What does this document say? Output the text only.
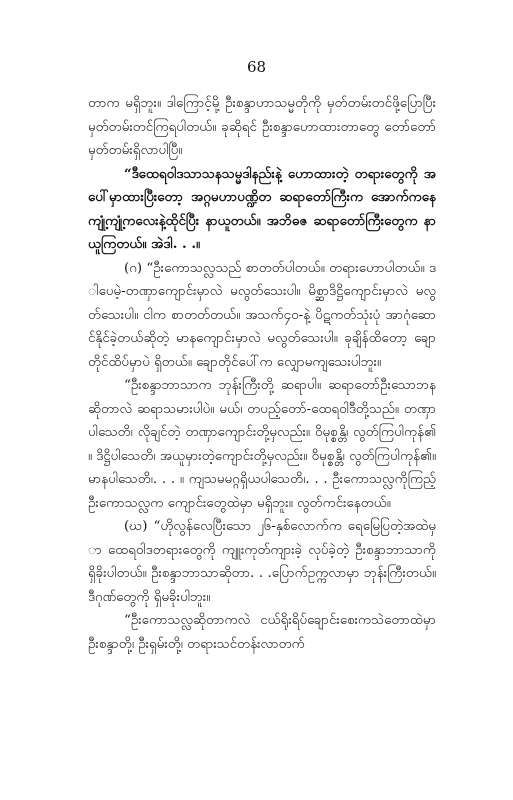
68

တာက မရှိဘူး။ ဒါကြောင့်မို့ ဦးစန္ဒာဟာသမ္မတိုကို မှတ်တမ်းတင်ဖို့ပြောပြီး မှတ်တမ်းတင်ကြရပါတယ်။ ခုဆိုရင် ဦးစန္ဒာဟောထားတာတွေ တော်တော် မှတ်တမ်းရှိလာပါပြီ။

“ဒီထေရဝါဒသာသနသမ္မဒါနည်းနဲ့ ဟောထားတဲ့ တရားတွေကို အပေါ်မှာထားပြီးတော့ အဂ္ဂမဟာပဏ္ဍိတ ဆရာတော်ကြီးက အောက်ကနေ ကျုံ့ကျုံ့ကလေးနဲ့ထိုင်ပြီး နာယူတယ်။ အဘိဓဇ ဆရာတော်ကြီးတွေက နာယူကြတယ်။ အဲဒါ. . .။

(ဂ) “ဦးကောသလ္လသည် စာတတ်ပါတယ်။ တရားဟောပါတယ်။ ဒါပေမဲ့-တဏှာကျောင်းမှာလဲ မလွတ်သေးပါ။ မိစ္ဆာဒိဋ္ဌိကျောင်းမှာလဲ မလွတ်သေးပါ။ ငါက စာတတ်တယ်။ အသက်၄၀-နဲ့ ပိဋကတ်သုံးပုံ အာဂုံဆောင်နိုင်ခဲ့တယ်ဆိုတဲ့ မာနကျောင်းမှာလဲ မလွတ်သေးပါ။ ခုချိန်ထိတော့ ချောတိုင်ထိပ်မှာပဲ ရှိတယ်။ ချောတိုင်ပေါ်က လျှောမကျသေးပါဘူး။

“ဦးစန္ဒာဘာသာက ဘုန်းကြီးတို့ ဆရာပါ။ ဆရာတော်ဦးသောဘနဆိုတာလဲ ဆရာသမားပါပဲ။ မယ်၊ တပည့်တော်-ထေရဝါဒီတို့သည်။ တဏှာပါသေတိ၊ လိုချင်တဲ့ တဏှာကျောင်းတို့မှလည်း။ ဝိမုစ္စန္တိ၊ လွတ်ကြပါကုန်၏။ ဒိဋ္ဌိပါသေတိ၊ အယူမှားတဲ့ကျောင်းတို့မှလည်း။ ဝိမုစ္စန္တိ၊ လွတ်ကြပါကုန်၏။ မာနပါသေတိ၊. . . ။ ကျသမမဂ္ဂရှိယပါသေတိ၊. . . ဦးကောသလ္လကိုကြည့်ဦးကောသလ္လက ကျောင်းတွေထဲမှာ မရှိဘူး။ လွတ်ကင်းနေတယ်။

(ဃ) “ဟိုလွန်လေပြီးသော ၂၆-နှစ်လောက်က ရေမြေပြတဲ့အထဲမှာ ထေရဝါဒတရားတွေကို ကျူးကုတ်ကျားခဲ့ လုပ်ခဲ့တဲ့ ဦးစန္ဒာဘာသာကို ရှိခိုးပါတယ်။ ဦးစန္ဒာဘာသာဆိုတာ. . .ပြောက်ဥက္ကလာမှာ ဘုန်းကြီးတယ်။ ဒီဂုဏ်တွေကို ရှိမခိုးပါဘူး။

“ဦးကောသလ္လဆိုတာကလဲ ငယ်ရိုးရိပ်ချောင်းစေးကသဲတောထဲမှာ ဦးစန္ဒာတို့၊ ဦးရှမ်းတို့၊ တရားသင်တန်းလာတက်
